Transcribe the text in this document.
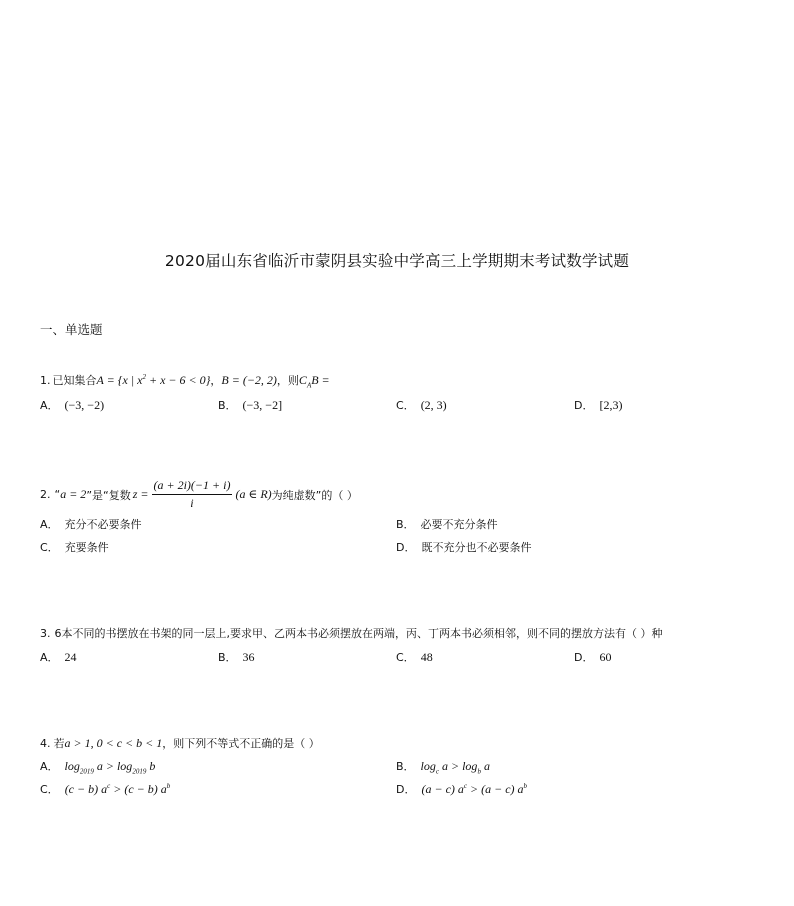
2020届山东省临沂市蒙阴县实验中学高三上学期期末考试数学试题
一、单选题
1. 已知集合 A = {x | $x^2 + x - 6 < 0$} ， B = (−2, 2) ，则 $C_AB$ =
A． (−3, −2)	B． (−3, −2]	C． (2, 3)	D． [2,3)
2. “ a = 2 ”是“复数 $z = \frac{(a + 2i)(-1 + i)}{i} (a$ ∈ R) 为纯虚数”的（ ）
A． 充分不必要条件	B． 必要不充分条件
C． 充要条件	D． 既不充分也不必要条件
3. 6本不同的书摆放在书架的同一层上,要求甲、乙两本书必须摆放在两端，丙、丁两本书必须相邻，则不同的摆放方法有（ ）种
A． 24	B． 36	C． 48	D． 60
4. 若 a > 1, 0 < c < b < 1 ，则下列不等式不正确的是（ ）
A． $\log_{2019} a > \log_{2019} b$	B． $\log_c a > \log_b a$
C． (c − b) $a^c > (c - b)$ $a^b$	D． (a − c) $a^c > (a - c)$ $a^b$
